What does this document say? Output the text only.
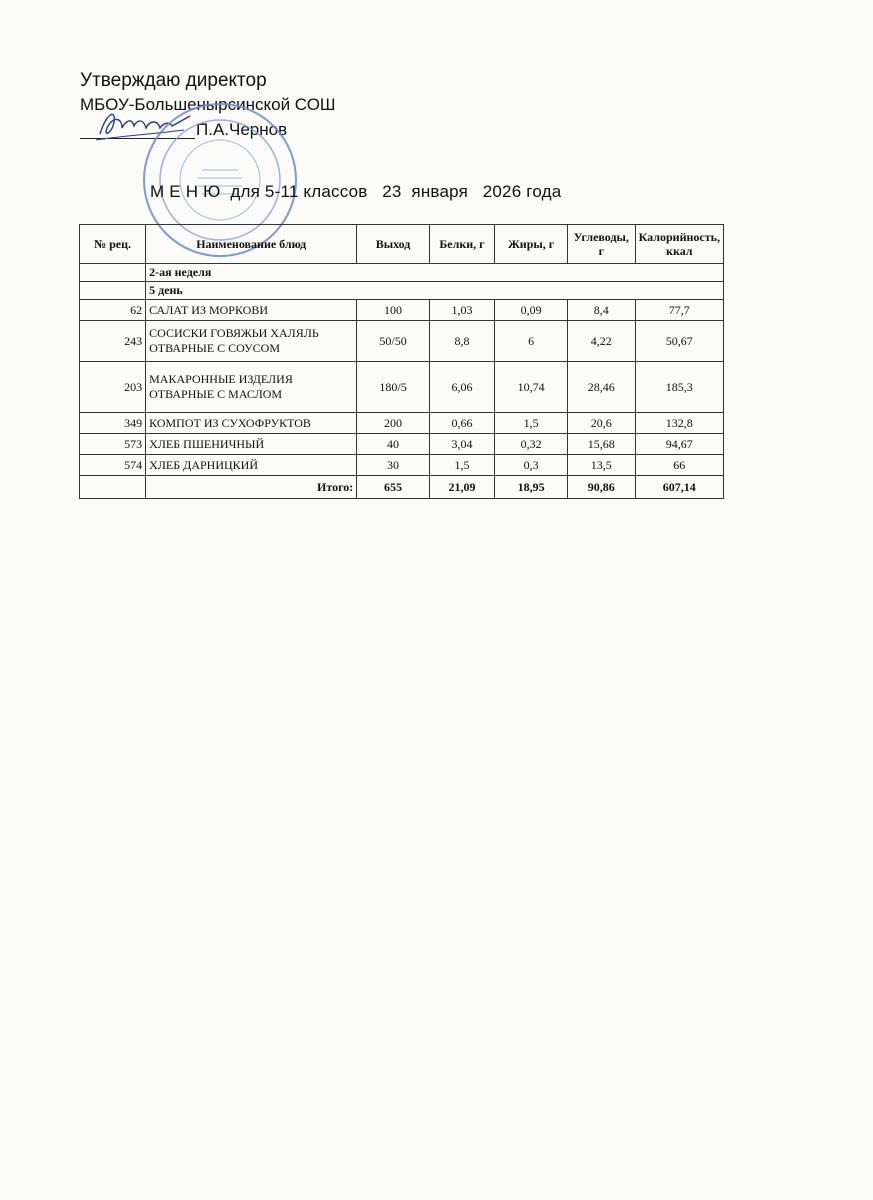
Утверждаю директор
МБОУ-Большенырсинской СОШ
П.А.Чернов
М Е Н Ю  для 5-11 классов   23  января   2026 года
№ рец.	Наименование блюд	Выход	Белки, г	Жиры, г	Углеводы, г	Калорийность, ккал
	2-ая неделя					
	5 день					
62	САЛАТ ИЗ МОРКОВИ	100	1,03	0,09	8,4	77,7
243	СОСИСКИ ГОВЯЖЬИ ХАЛЯЛЬ ОТВАРНЫЕ С СОУСОМ	50/50	8,8	6	4,22	50,67
203	МАКАРОННЫЕ ИЗДЕЛИЯ ОТВАРНЫЕ С МАСЛОМ	180/5	6,06	10,74	28,46	185,3
349	КОМПОТ ИЗ СУХОФРУКТОВ	200	0,66	1,5	20,6	132,8
573	ХЛЕБ ПШЕНИЧНЫЙ	40	3,04	0,32	15,68	94,67
574	ХЛЕБ ДАРНИЦКИЙ	30	1,5	0,3	13,5	66
	Итого:	655	21,09	18,95	90,86	607,14
